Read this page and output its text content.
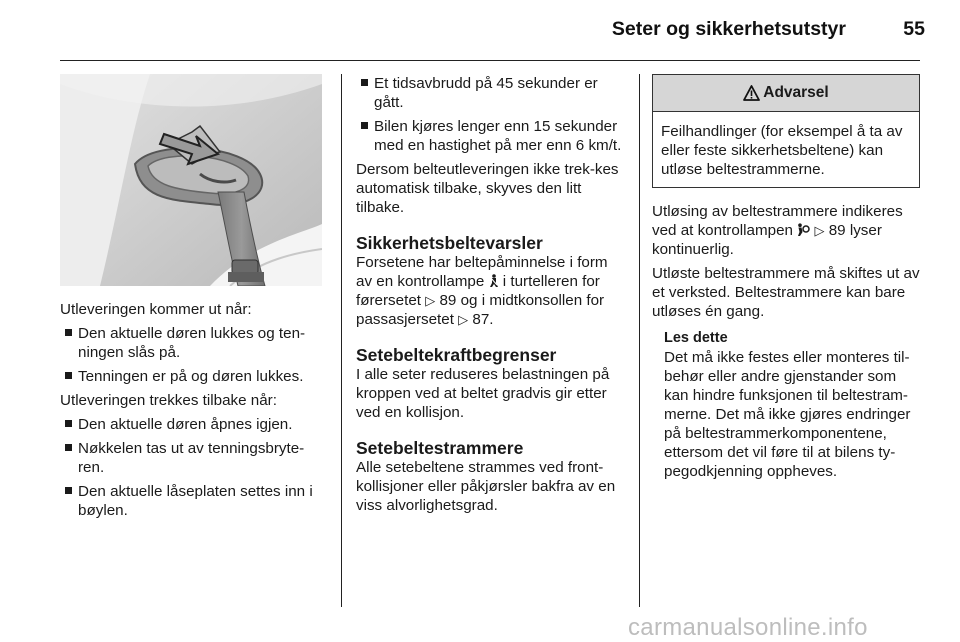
Seter og sikkerhetsutstyr	55

Utleveringen kommer ut når:

Den aktuelle døren lukkes og ten-ningen slås på.
Tenningen er på og døren lukkes.

Utleveringen trekkes tilbake når:

Den aktuelle døren åpnes igjen.
Nøkkelen tas ut av tenningsbryte-ren.
Den aktuelle låseplaten settes inn i bøylen.
Et tidsavbrudd på 45 sekunder er gått.
Bilen kjøres lenger enn 15 sekunder med en hastighet på mer enn 6 km/t.

Dersom belteutleveringen ikke trek-kes automatisk tilbake, skyves den litt tilbake.

Sikkerhetsbeltevarsler

Forsetene har beltepåminnelse i form av en kontrollampe i turtelleren for førersetet ▷ 89 og i midtkonsollen for passasjersetet ▷ 87.

Setebeltekraftbegrenser

I alle seter reduseres belastningen på kroppen ved at beltet gradvis gir etter ved en kollisjon.

Setebeltestrammere

Alle setebeltene strammes ved front-kollisjoner eller påkjørsler bakfra av en viss alvorlighetsgrad.

Advarsel
Feilhandlinger (for eksempel å ta av eller feste sikkerhetsbeltene) kan utløse beltestrammerne.

Utløsing av beltestrammere indikeres ved at kontrollampen ▷ 89 lyser kontinuerlig.

Utløste beltestrammere må skiftes ut av et verksted. Beltestrammere kan bare utløses én gang.

Les dette
Det må ikke festes eller monteres til-behør eller andre gjenstander som kan hindre funksjonen til beltestram-merne. Det må ikke gjøres endringer på beltestrammerkomponentene, ettersom det vil føre til at bilens ty-pegodkjenning oppheves.
carmanualsonline.info
